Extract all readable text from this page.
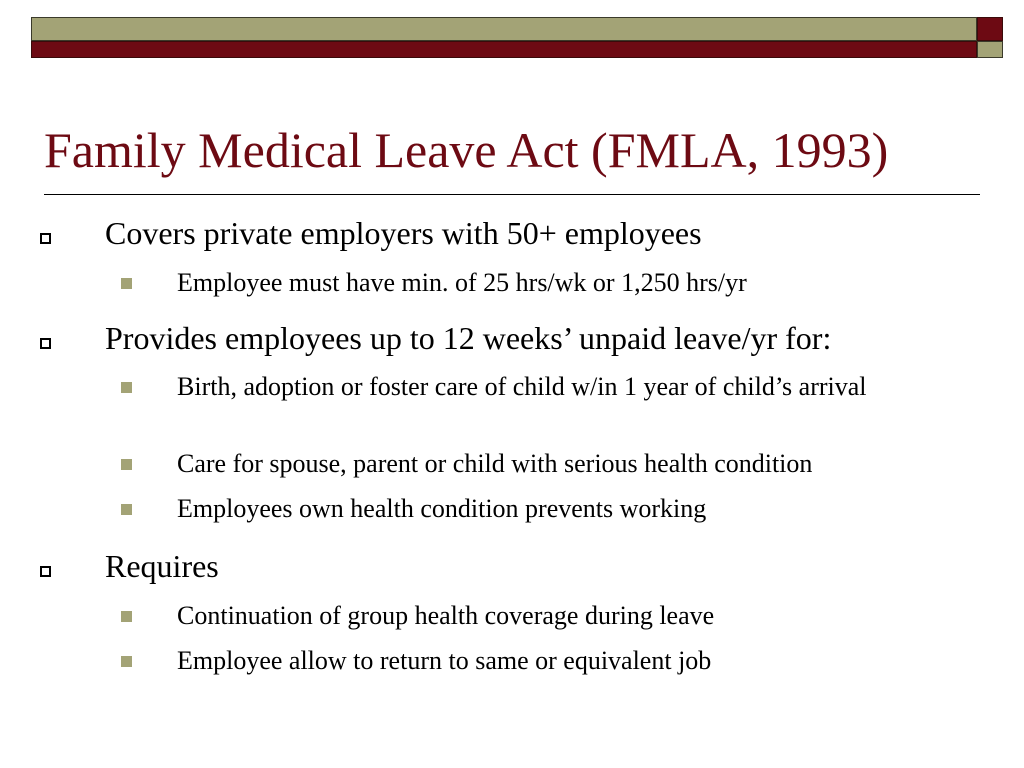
Family Medical Leave Act (FMLA, 1993)
Covers private employers with 50+ employees
Employee must have min. of 25 hrs/wk or 1,250 hrs/yr
Provides employees up to 12 weeks’ unpaid leave/yr for:
Birth, adoption or foster care of child w/in 1 year of child’s arrival
Care for spouse, parent or child with serious health condition
Employees own health condition prevents working
Requires
Continuation of group health coverage during leave
Employee allow to return to same or equivalent job
